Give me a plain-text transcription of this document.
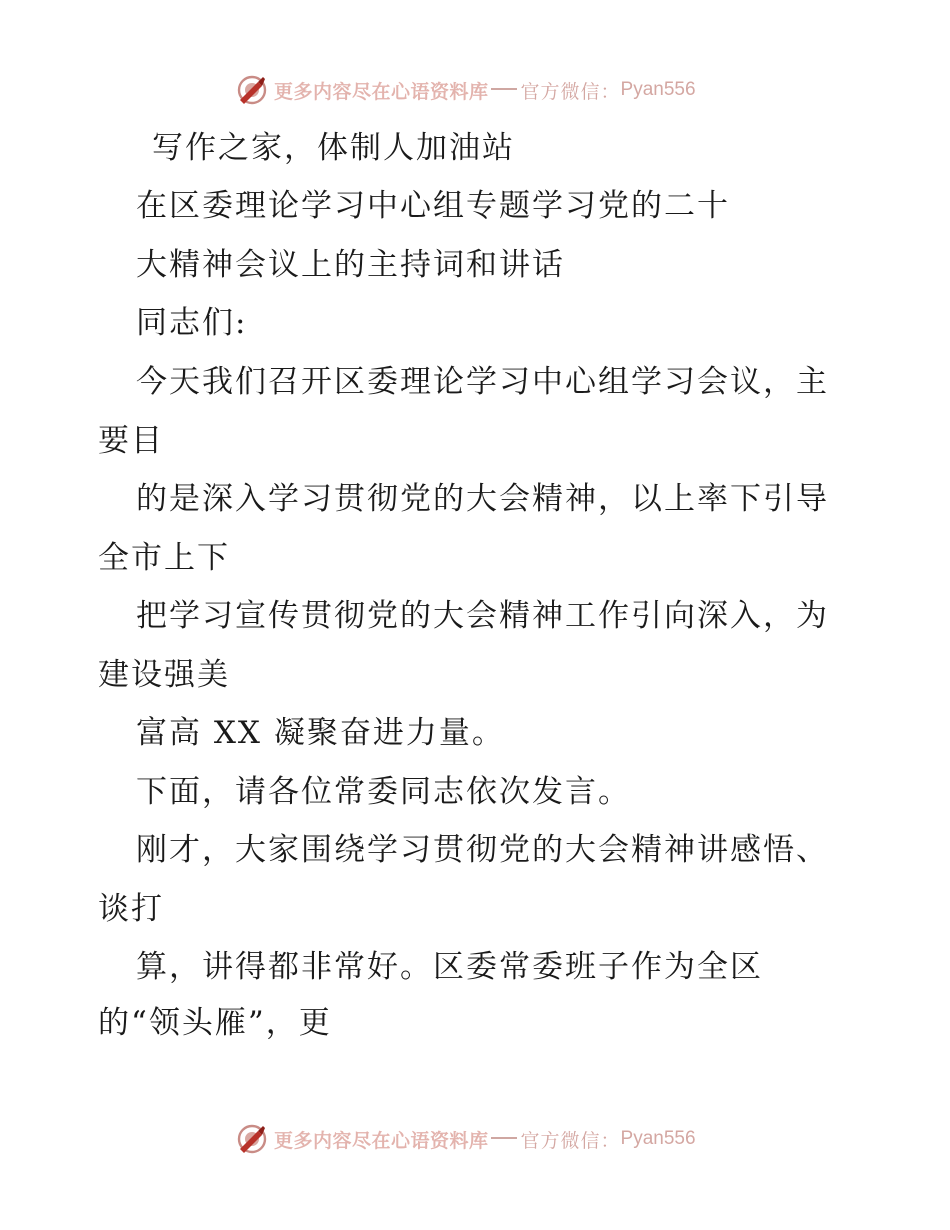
更多内容尽在心语资料库 官方微信： Pyan556
写作之家，体制人加油站
在区委理论学习中心组专题学习党的二十
大精神会议上的主持词和讲话
同志们:
今天我们召开区委理论学习中心组学习会议，主
要目
的是深入学习贯彻党的大会精神，以上率下引导
全市上下
把学习宣传贯彻党的大会精神工作引向深入，为
建设强美
富高 XX 凝聚奋进力量。
下面，请各位常委同志依次发言。
刚才，大家围绕学习贯彻党的大会精神讲感悟、
谈打
算，讲得都非常好。区委常委班子作为全区
的“领头雁”，更
更多内容尽在心语资料库 官方微信： Pyan556
